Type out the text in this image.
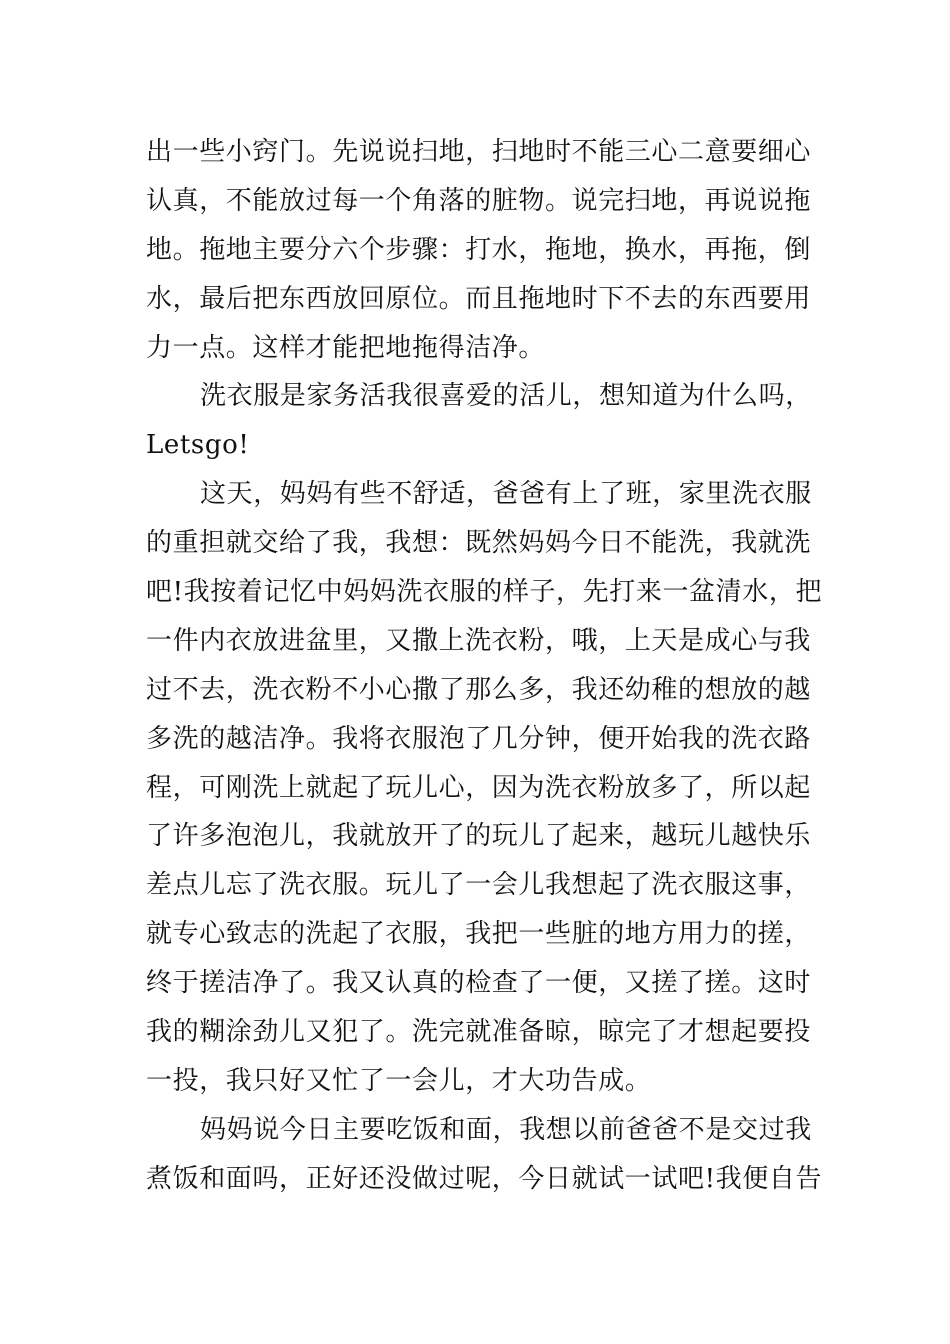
出一些小窍门。先说说扫地，扫地时不能三心二意要细心
认真，不能放过每一个角落的脏物。说完扫地，再说说拖
地。拖地主要分六个步骤：打水，拖地，换水，再拖，倒
水，最后把东西放回原位。而且拖地时下不去的东西要用
力一点。这样才能把地拖得洁净。
洗衣服是家务活我很喜爱的活儿，想知道为什么吗，
Letsgo!
这天，妈妈有些不舒适，爸爸有上了班，家里洗衣服
的重担就交给了我，我想：既然妈妈今日不能洗，我就洗
吧!我按着记忆中妈妈洗衣服的样子，先打来一盆清水，把
一件内衣放进盆里，又撒上洗衣粉，哦，上天是成心与我
过不去，洗衣粉不小心撒了那么多，我还幼稚的想放的越
多洗的越洁净。我将衣服泡了几分钟，便开始我的洗衣路
程，可刚洗上就起了玩儿心，因为洗衣粉放多了，所以起
了许多泡泡儿，我就放开了的玩儿了起来，越玩儿越快乐
差点儿忘了洗衣服。玩儿了一会儿我想起了洗衣服这事，
就专心致志的洗起了衣服，我把一些脏的地方用力的搓，
终于搓洁净了。我又认真的检查了一便，又搓了搓。这时
我的糊涂劲儿又犯了。洗完就准备晾，晾完了才想起要投
一投，我只好又忙了一会儿，才大功告成。
妈妈说今日主要吃饭和面，我想以前爸爸不是交过我
煮饭和面吗，正好还没做过呢，今日就试一试吧!我便自告
